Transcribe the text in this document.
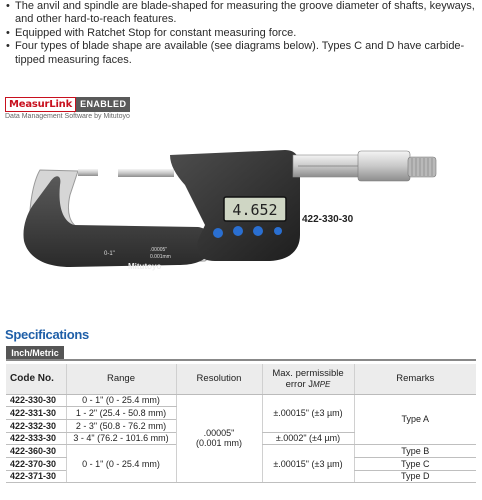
• The anvil and spindle are blade-shaped for measuring the groove diameter of shafts, keyways, and other hard-to-reach features.
• Equipped with Ratchet Stop for constant measuring force.
• Four types of blade shape are available (see diagrams below). Types C and D have carbide-tipped measuring faces.
MeasurLink ENABLED
Data Management Software by Mitutoyo
4.652
0-1"
.00005"
0.001mm
Mitutoyo
422-330-30
Specifications
Inch/Metric
Code No.	Range	Resolution	Max. permissible
error JMPE	Remarks
422-330-30	0 - 1" (0 - 25.4 mm)	.00005"
(0.001 mm)	±.00015" (±3 µm)	Type A
422-331-30	1 - 2" (25.4 - 50.8 mm)			
422-332-30	2 - 3" (50.8 - 76.2 mm)			
422-333-30	3 - 4" (76.2 - 101.6 mm)		±.0002" (±4 µm)	
422-360-30	0 - 1" (0 - 25.4 mm)		±.00015" (±3 µm)	Type B
422-370-30				Type C
422-371-30				Type D
